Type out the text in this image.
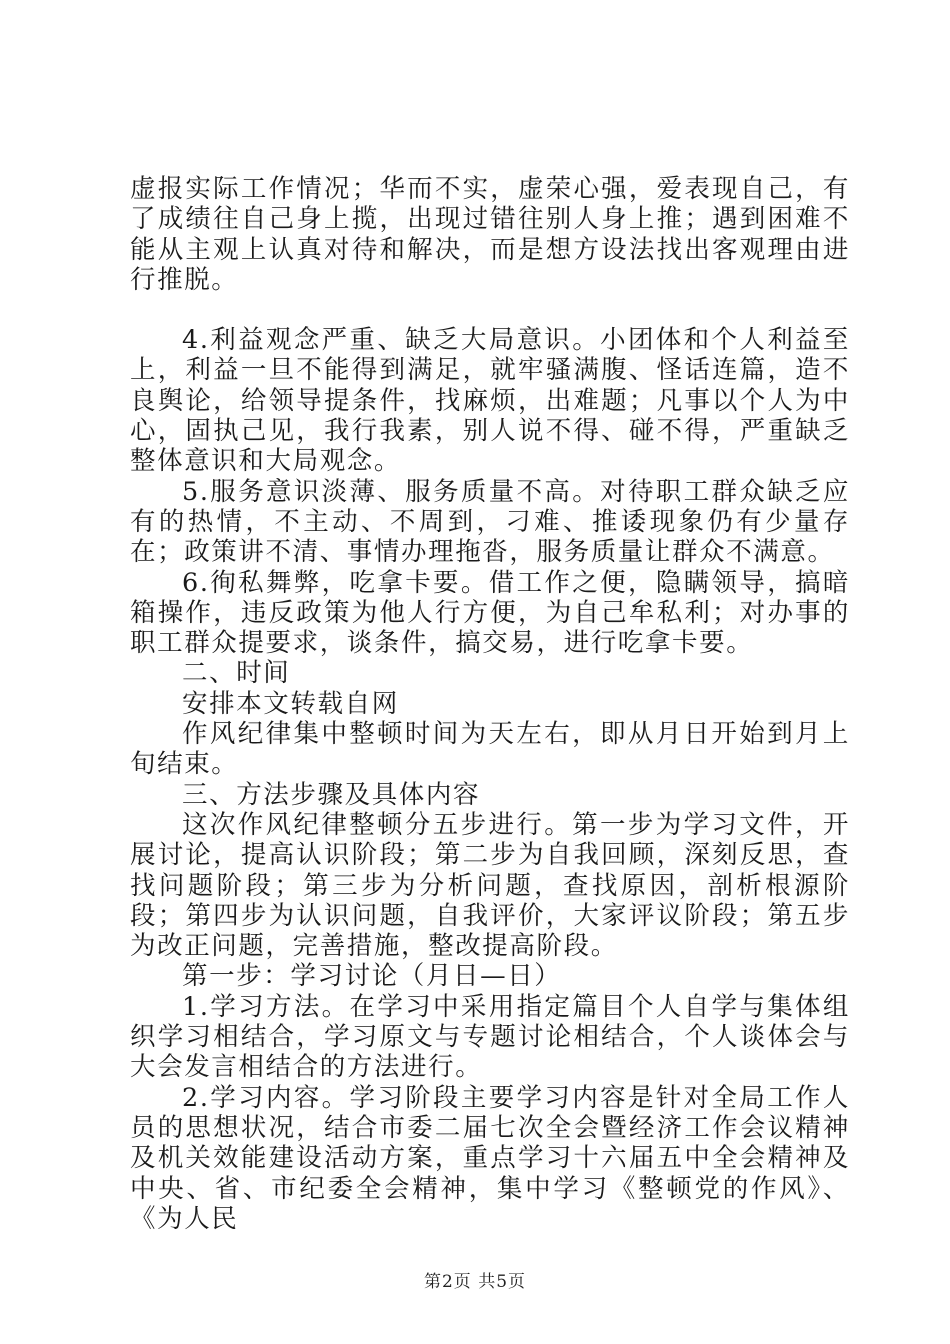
虚报实际工作情况；华而不实，虚荣心强，爱表现自己，有了成绩往自己身上揽，出现过错往别人身上推；遇到困难不能从主观上认真对待和解决，而是想方设法找出客观理由进行推脱。

4.利益观念严重、缺乏大局意识。小团体和个人利益至上，利益一旦不能得到满足，就牢骚满腹、怪话连篇，造不良舆论，给领导提条件，找麻烦，出难题；凡事以个人为中心，固执己见，我行我素，别人说不得、碰不得，严重缺乏整体意识和大局观念。

5.服务意识淡薄、服务质量不高。对待职工群众缺乏应有的热情，不主动、不周到，刁难、推诿现象仍有少量存在；政策讲不清、事情办理拖沓，服务质量让群众不满意。

6.徇私舞弊，吃拿卡要。借工作之便，隐瞒领导，搞暗箱操作，违反政策为他人行方便，为自己牟私利；对办事的职工群众提要求，谈条件，搞交易，进行吃拿卡要。

二、时间

安排本文转载自网

作风纪律集中整顿时间为天左右，即从月日开始到月上旬结束。

三、方法步骤及具体内容

这次作风纪律整顿分五步进行。第一步为学习文件，开展讨论，提高认识阶段；第二步为自我回顾，深刻反思，查找问题阶段；第三步为分析问题，查找原因，剖析根源阶段；第四步为认识问题，自我评价，大家评议阶段；第五步为改正问题，完善措施，整改提高阶段。

第一步：学习讨论（月日—日）

1.学习方法。在学习中采用指定篇目个人自学与集体组织学习相结合，学习原文与专题讨论相结合，个人谈体会与大会发言相结合的方法进行。

2.学习内容。学习阶段主要学习内容是针对全局工作人员的思想状况，结合市委二届七次全会暨经济工作会议精神及机关效能建设活动方案，重点学习十六届五中全会精神及中央、省、市纪委全会精神，集中学习《整顿党的作风》、《为人民

第2页 共5页
